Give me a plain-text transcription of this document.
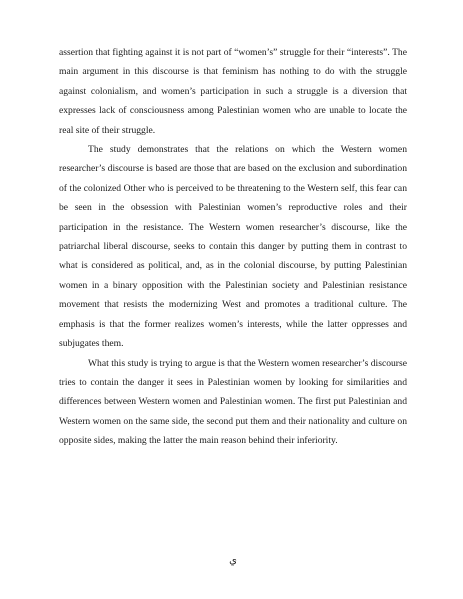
assertion that fighting against it is not part of “women’s” struggle for their “interests”. The main argument in this discourse is that feminism has nothing to do with the struggle against colonialism, and women’s participation in such a struggle is a diversion that expresses lack of consciousness among Palestinian women who are unable to locate the real site of their struggle.

The study demonstrates that the relations on which the Western women researcher’s discourse is based are those that are based on the exclusion and subordination of the colonized Other who is perceived to be threatening to the Western self, this fear can be seen in the obsession with Palestinian women’s reproductive roles and their participation in the resistance. The Western women researcher’s discourse, like the patriarchal liberal discourse, seeks to contain this danger by putting them in contrast to what is considered as political, and, as in the colonial discourse, by putting Palestinian women in a binary opposition with the Palestinian society and Palestinian resistance movement that resists the modernizing West and promotes a traditional culture. The emphasis is that the former realizes women’s interests, while the latter oppresses and subjugates them.

What this study is trying to argue is that the Western women researcher’s discourse tries to contain the danger it sees in Palestinian women by looking for similarities and differences between Western women and Palestinian women. The first put Palestinian and Western women on the same side, the second put them and their nationality and culture on opposite sides, making the latter the main reason behind their inferiority.

ي
